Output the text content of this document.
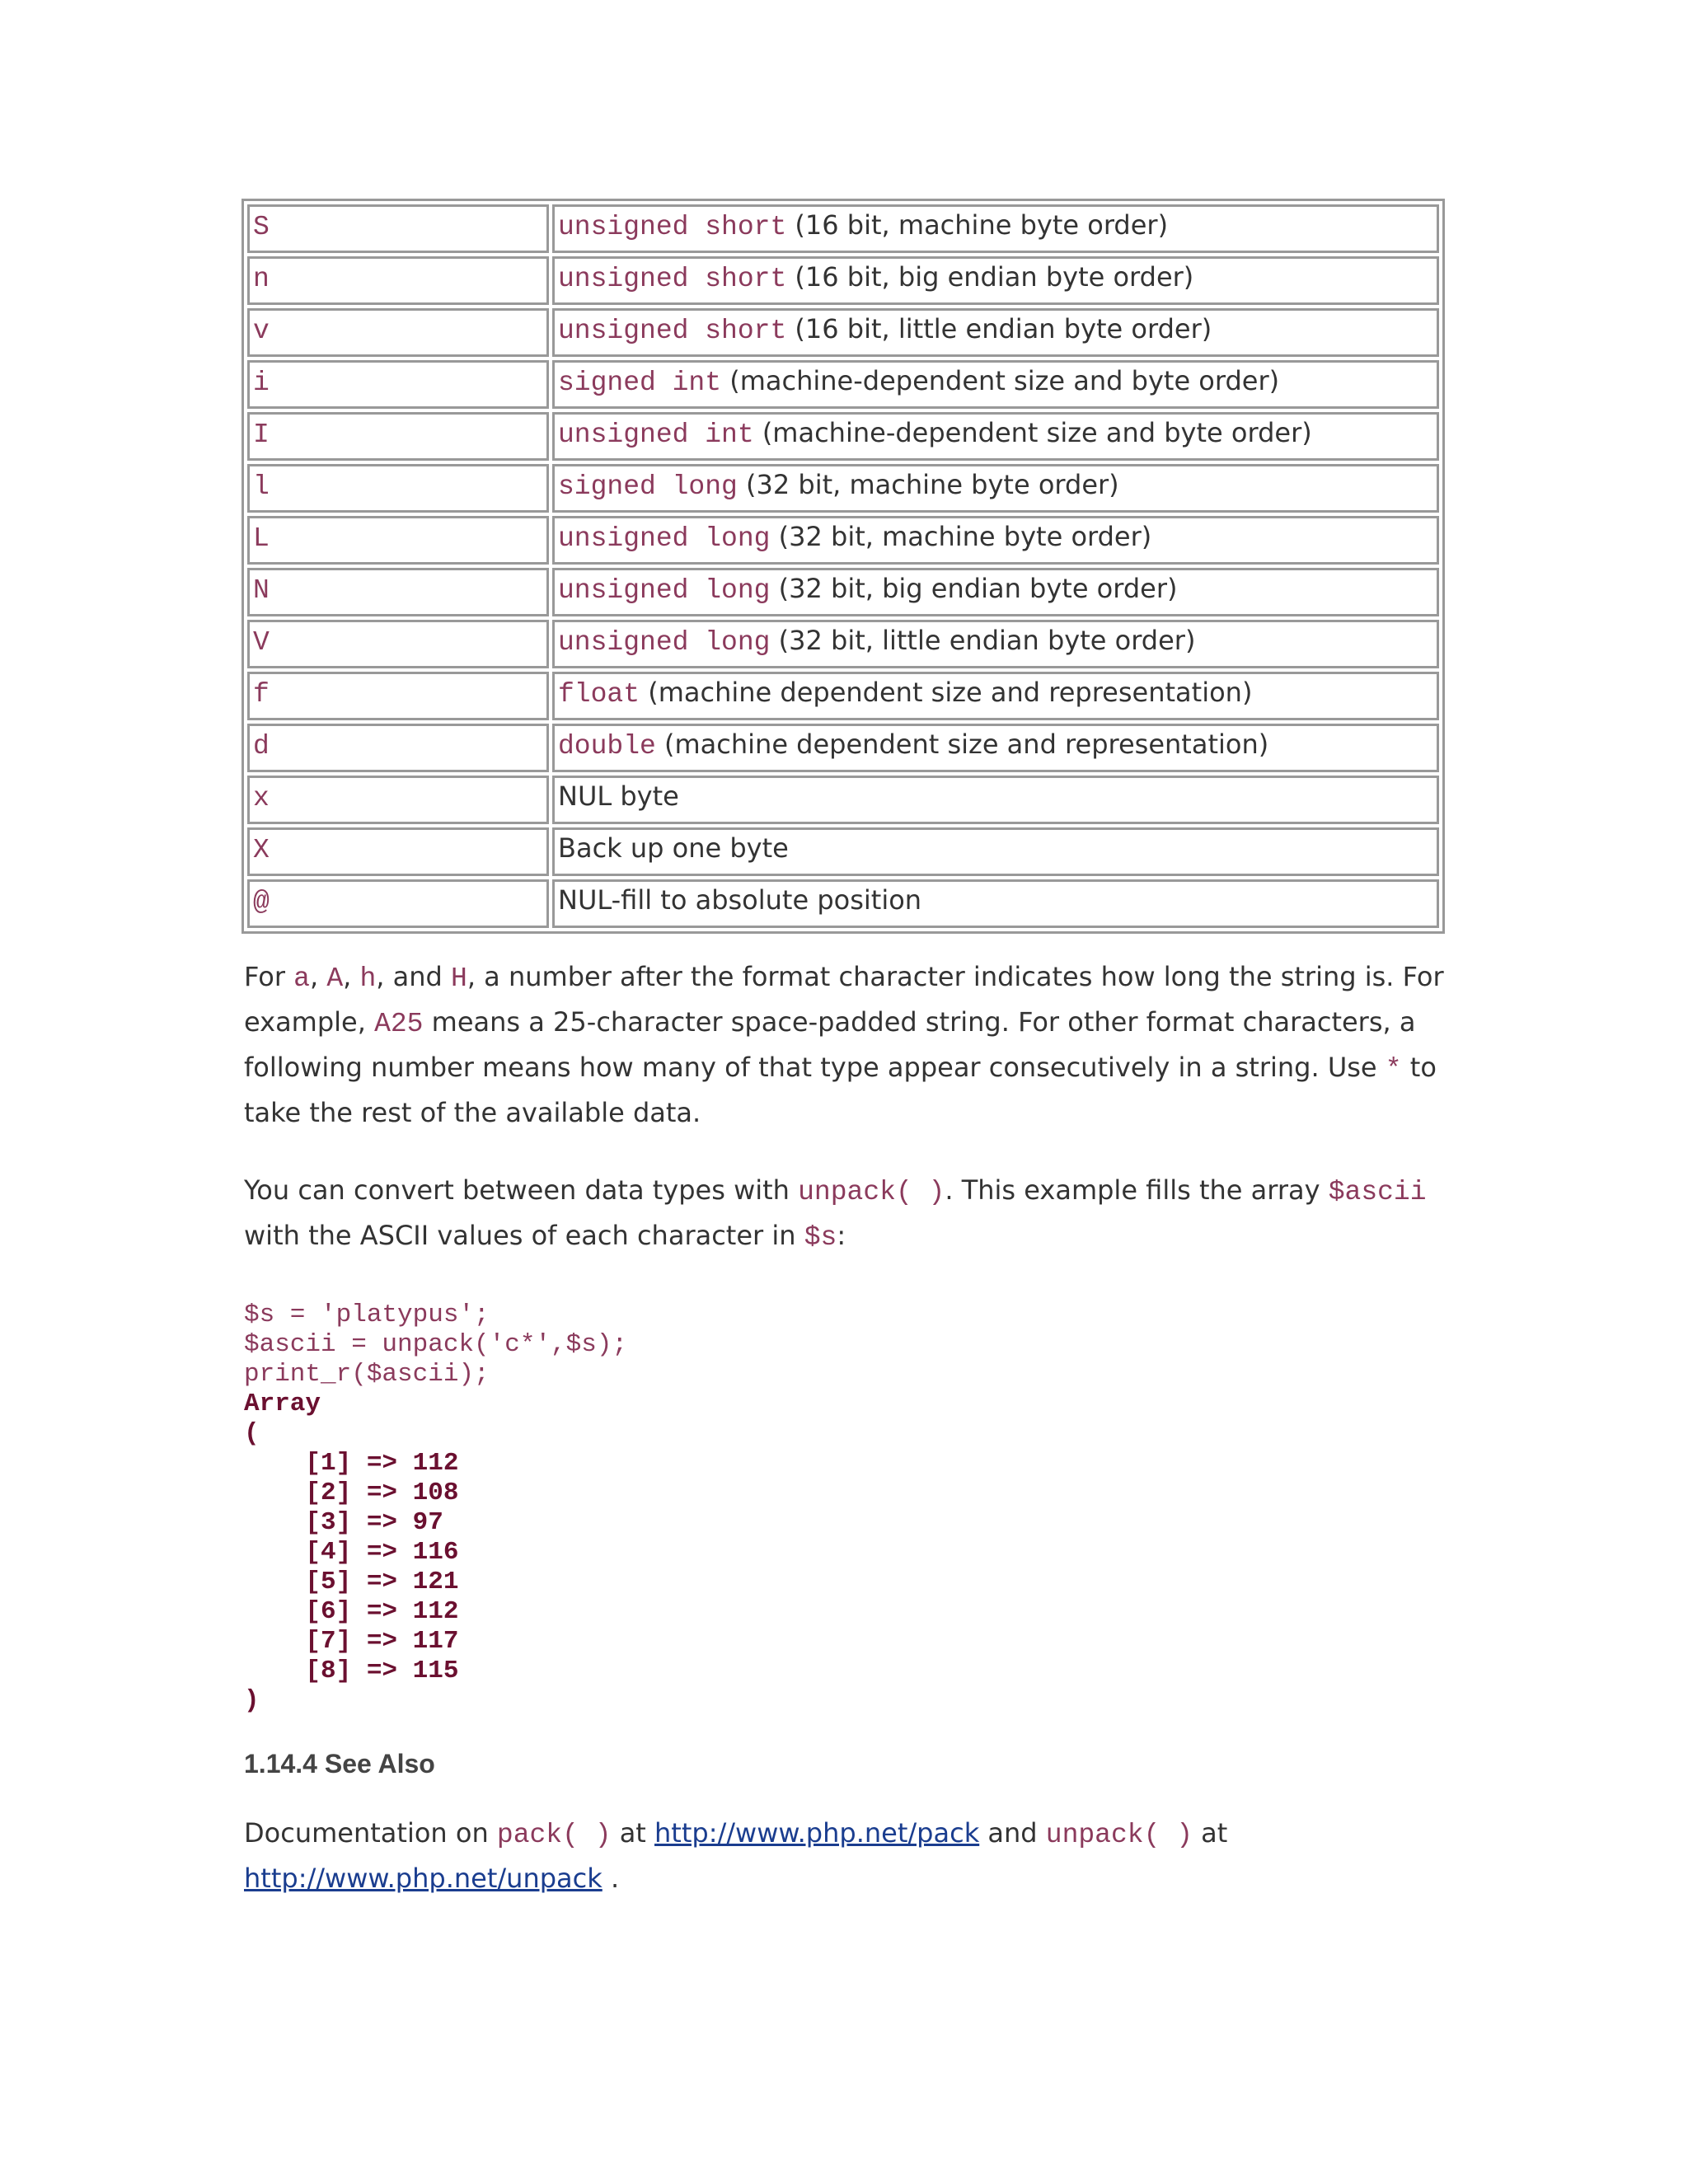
S	unsigned short (16 bit, machine byte order)
n	unsigned short (16 bit, big endian byte order)
v	unsigned short (16 bit, little endian byte order)
i	signed int (machine-dependent size and byte order)
I	unsigned int (machine-dependent size and byte order)
l	signed long (32 bit, machine byte order)
L	unsigned long (32 bit, machine byte order)
N	unsigned long (32 bit, big endian byte order)
V	unsigned long (32 bit, little endian byte order)
f	float (machine dependent size and representation)
d	double (machine dependent size and representation)
x	NUL byte
X	Back up one byte
@	NUL-fill to absolute position

For a, A, h, and H, a number after the format character indicates how long the string is. For example, A25 means a 25-character space-padded string. For other format characters, a following number means how many of that type appear consecutively in a string. Use * to take the rest of the available data.

You can convert between data types with unpack( ). This example fills the array $ascii with the ASCII values of each character in $s:

$s = 'platypus';
$ascii = unpack('c*',$s);
print_r($ascii);
Array
(
[1] => 112
[2] => 108
[3] => 97
[4] => 116
[5] => 121
[6] => 112
[7] => 117
[8] => 115
)
1.14.4 See Also

Documentation on pack( ) at http://www.php.net/pack and unpack( ) at
http://www.php.net/unpack .
